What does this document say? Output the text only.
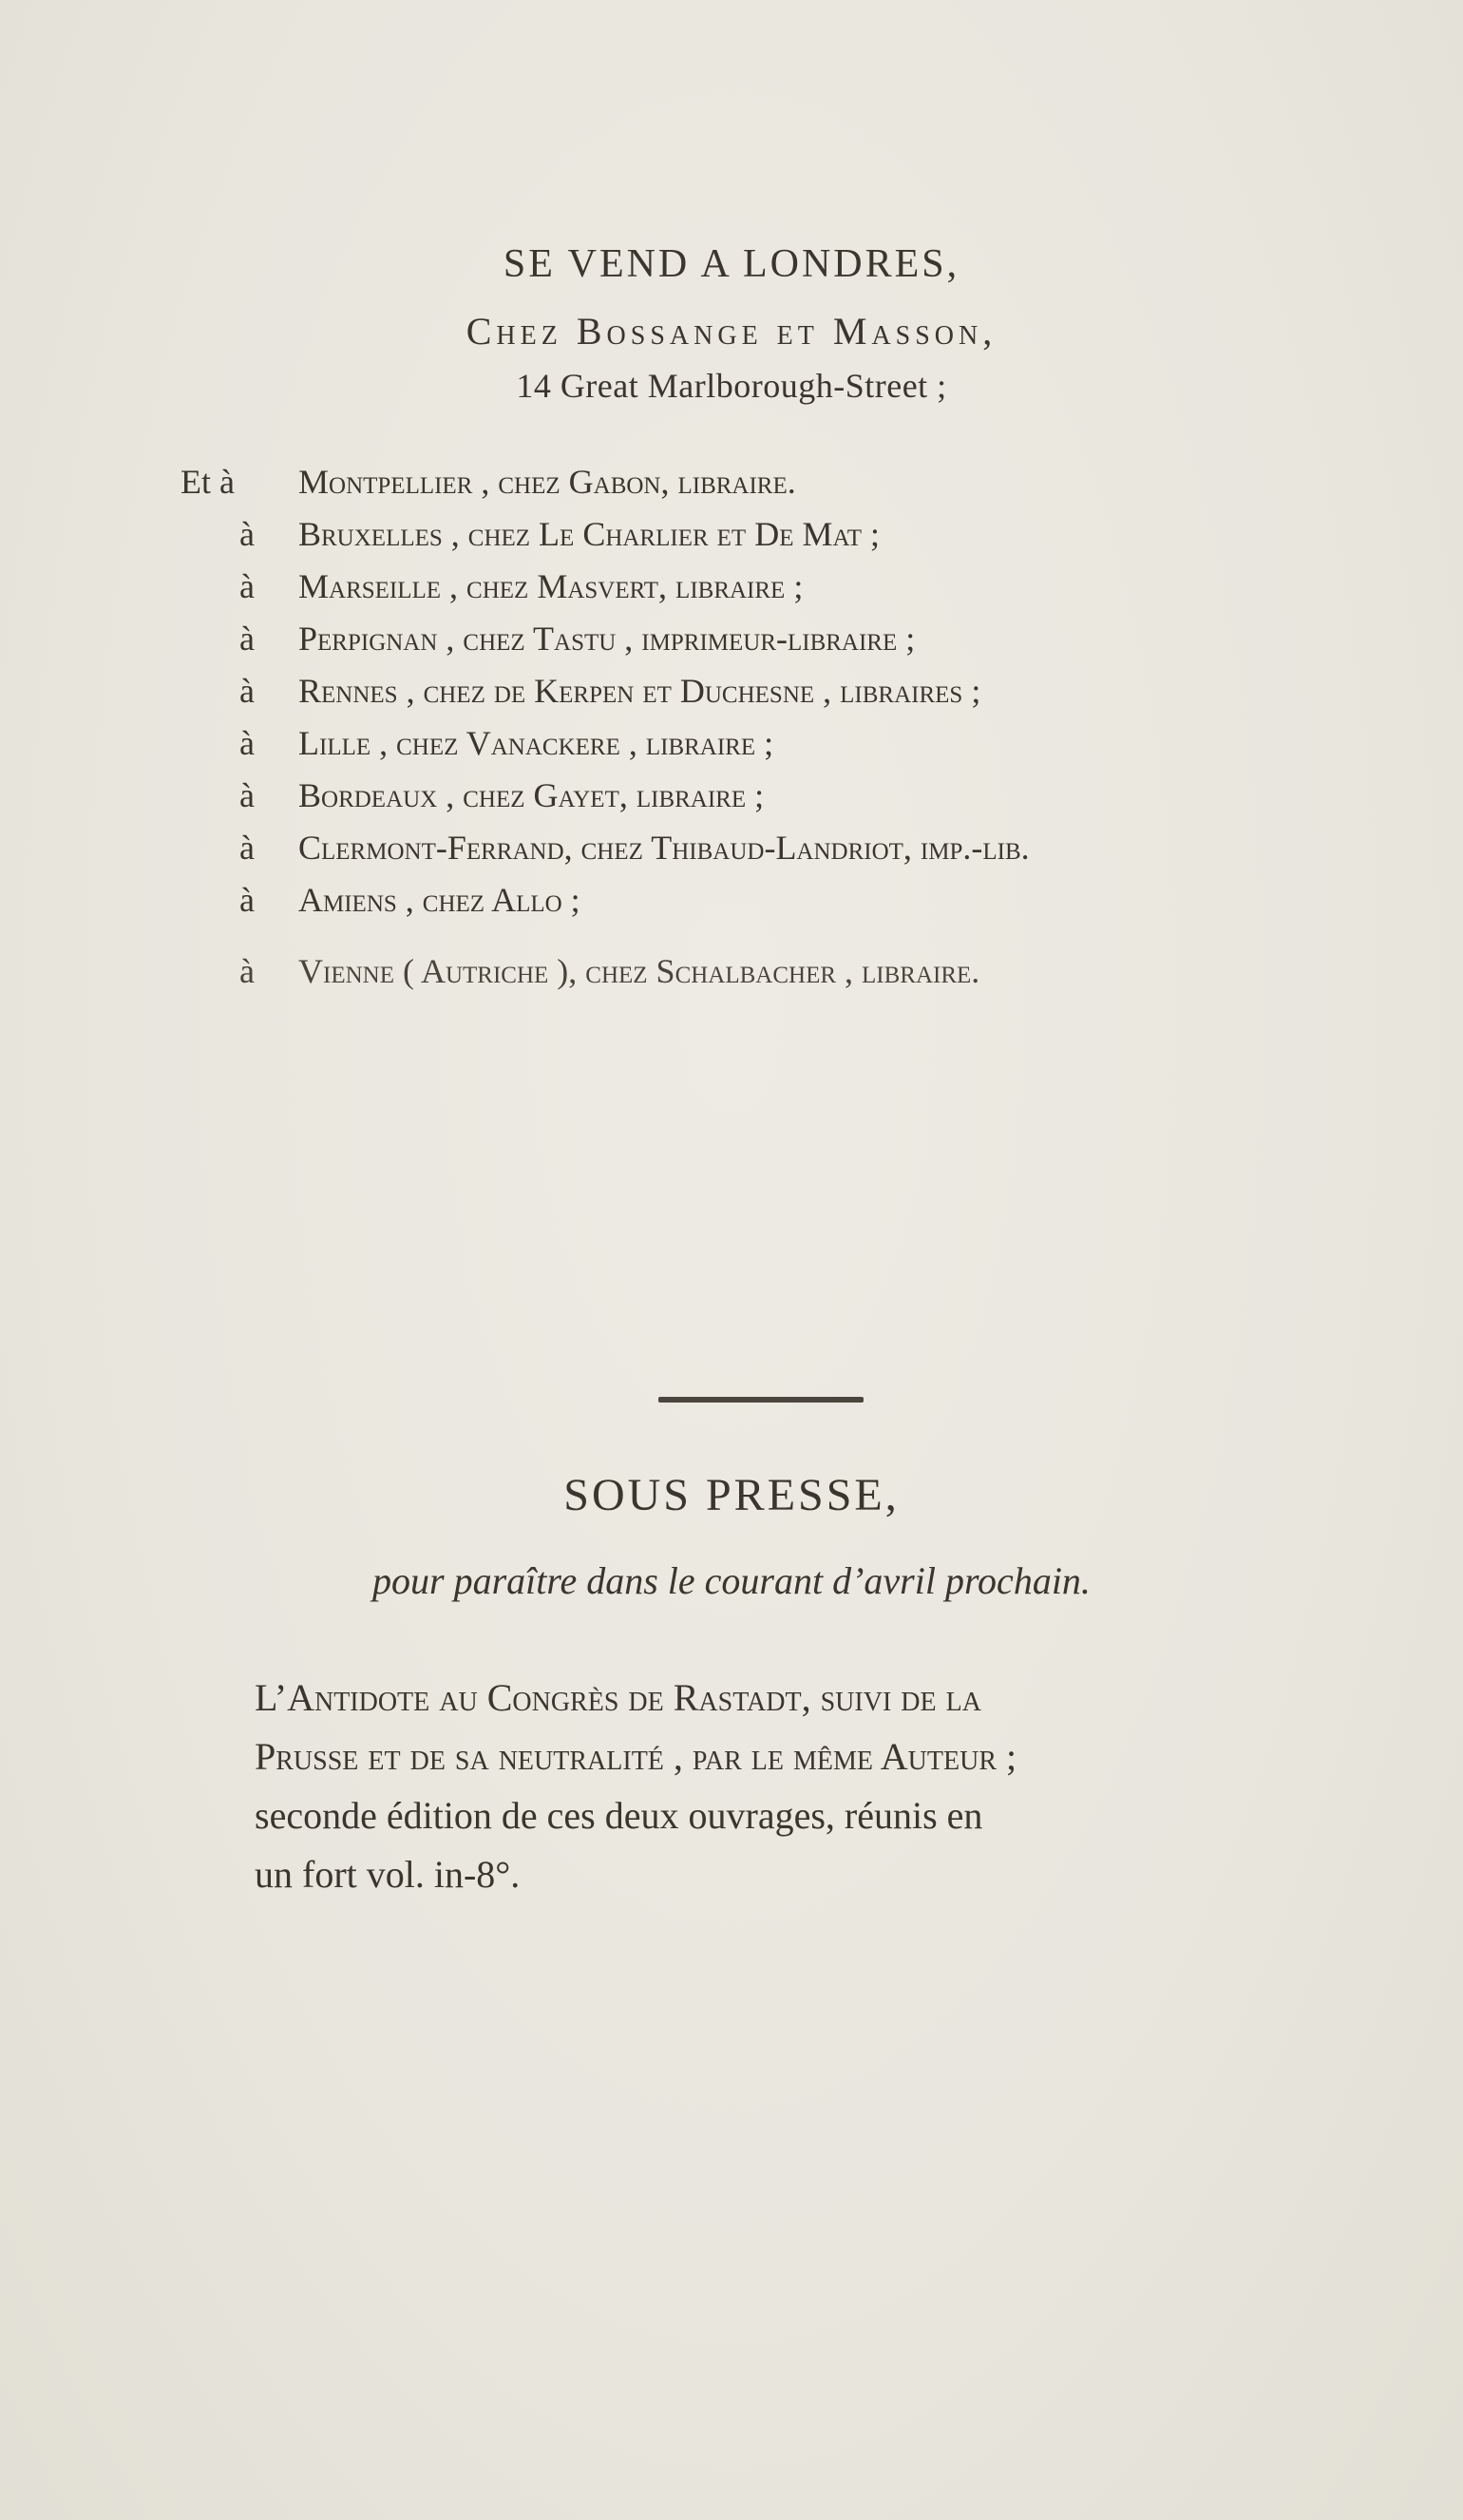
SE VEND A LONDRES,
Chez Bossange et Masson,
14 Great Marlborough-Street ;
Et à Montpellier , chez Gabon, libraire.
à Bruxelles , chez Le Charlier et De Mat ;
à Marseille , chez Masvert, libraire ;
à Perpignan , chez Tastu , imprimeur-libraire ;
à Rennes , chez de Kerpen et Duchesne , libraires ;
à Lille , chez Vanackere , libraire ;
à Bordeaux , chez Gayet, libraire ;
à Clermont-Ferrand, chez Thibaud-Landriot, imp.-lib.
à Amiens , chez Allo ;
à Vienne ( Autriche ), chez Schalbacher , libraire.
SOUS PRESSE,
pour paraître dans le courant d’avril prochain.
L’Antidote au Congrès de Rastadt, suivi de la
Prusse et de sa neutralité , par le même Auteur ;
seconde édition de ces deux ouvrages, réunis en
un fort vol. in-8°.
